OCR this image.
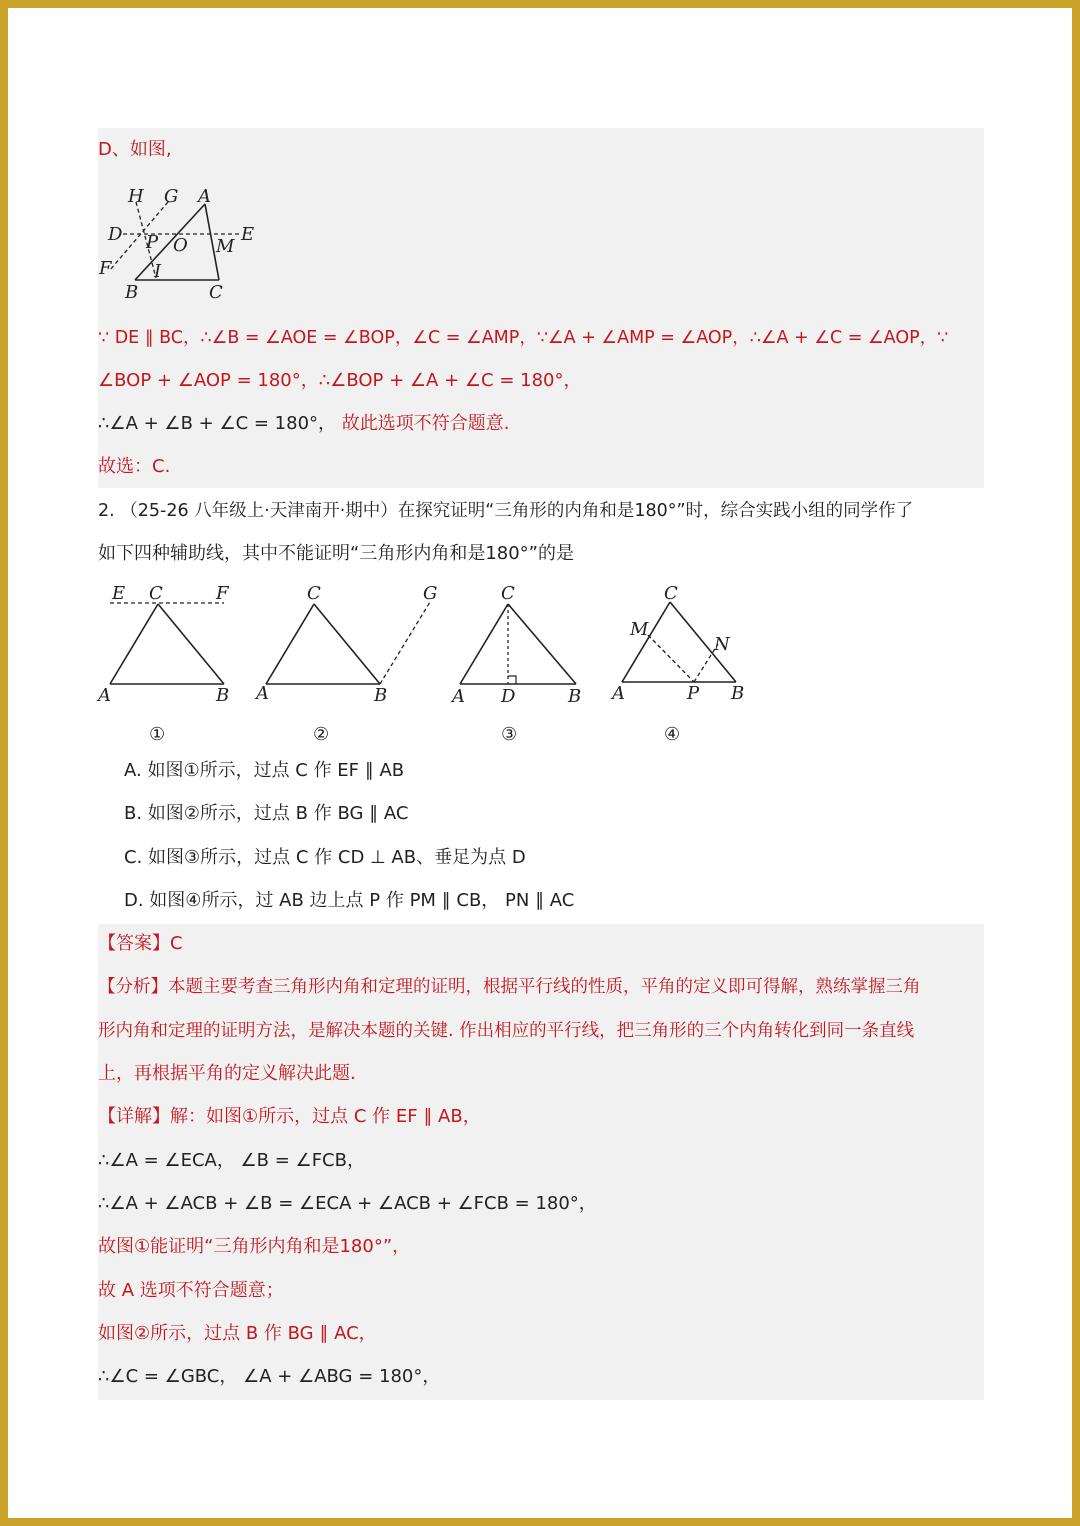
D、如图,
H G A
D	E
P O M
F I
B	C
∵ DE ∥ BC，∴∠B = ∠AOE = ∠BOP，∠C = ∠AMP，∵∠A + ∠AMP = ∠AOP，∴∠A + ∠C = ∠AOP，∵
∠BOP + ∠AOP = 180°，∴∠BOP + ∠A + ∠C = 180°，
∴∠A + ∠B + ∠C = 180°， 故此选项不符合题意.
故选：C.
2. （25-26 八年级上·天津南开·期中）在探究证明“三角形的内角和是180°”时，综合实践小组的同学作了
如下四种辅助线，其中不能证明“三角形内角和是180°”的是
E C	F
A	B
①
C	G
A	B
②
C
A D	B
③
C
M
N
A	P B
④
A. 如图①所示，过点 C 作 EF ∥ AB
B. 如图②所示，过点 B 作 BG ∥ AC
C. 如图③所示，过点 C 作 CD ⊥ AB、垂足为点 D
D. 如图④所示，过 AB 边上点 P 作 PM ∥ CB， PN ∥ AC
【答案】C
【分析】本题主要考查三角形内角和定理的证明，根据平行线的性质，平角的定义即可得解，熟练掌握三角
形内角和定理的证明方法，是解决本题的关键. 作出相应的平行线，把三角形的三个内角转化到同一条直线
上，再根据平角的定义解决此题.
【详解】解：如图①所示，过点 C 作 EF ∥ AB，
∴∠A = ∠ECA， ∠B = ∠FCB，
∴∠A + ∠ACB + ∠B = ∠ECA + ∠ACB + ∠FCB = 180°，
故图①能证明“三角形内角和是180°”，
故 A 选项不符合题意；
如图②所示，过点 B 作 BG ∥ AC，
∴∠C = ∠GBC， ∠A + ∠ABG = 180°，
